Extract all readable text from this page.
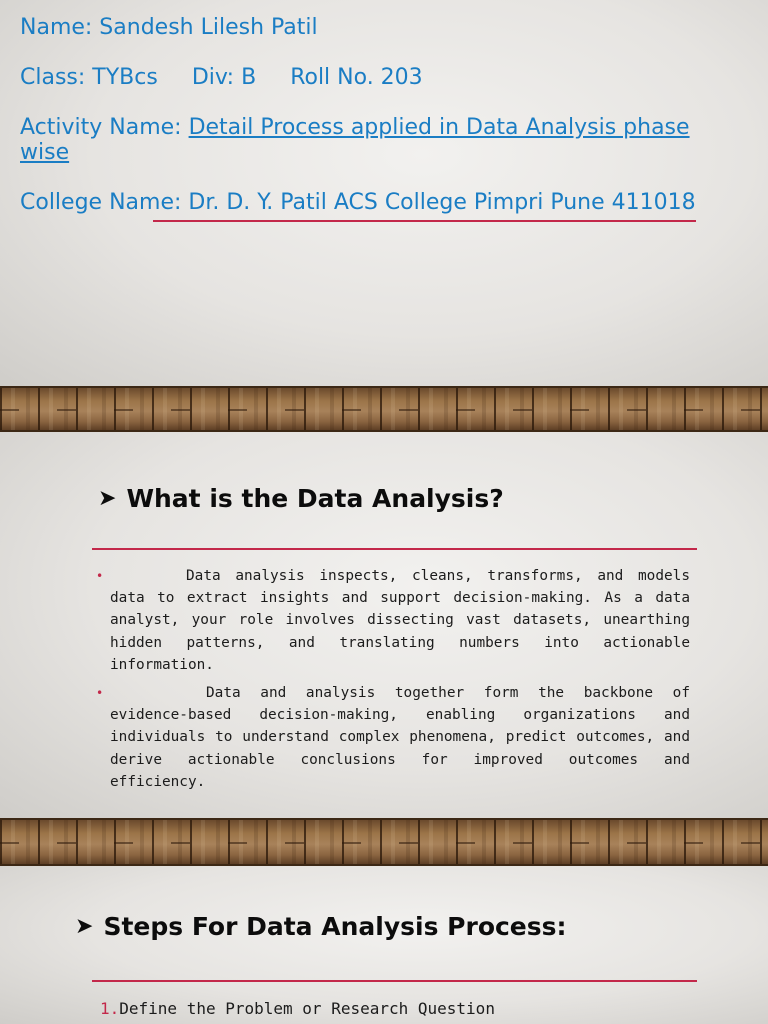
Name: Sandesh Lilesh Patil

Class: TYBcs Div: B Roll No. 203

Activity Name: Detail Process applied in Data Analysis phase wise

College Name: Dr. D. Y. Patil ACS College Pimpri Pune 411018

➤ What is the Data Analysis?
•	Data analysis inspects, cleans, transforms, and models data to extract insights and support decision-making. As a data analyst, your role involves dissecting vast datasets, unearthing hidden patterns, and translating numbers into actionable information.
•	Data and analysis together form the backbone of evidence-based decision-making, enabling organizations and individuals to understand complex phenomena, predict outcomes, and derive actionable conclusions for improved outcomes and efficiency.
➤ Steps For Data Analysis Process:
1.Define the Problem or Research Question
